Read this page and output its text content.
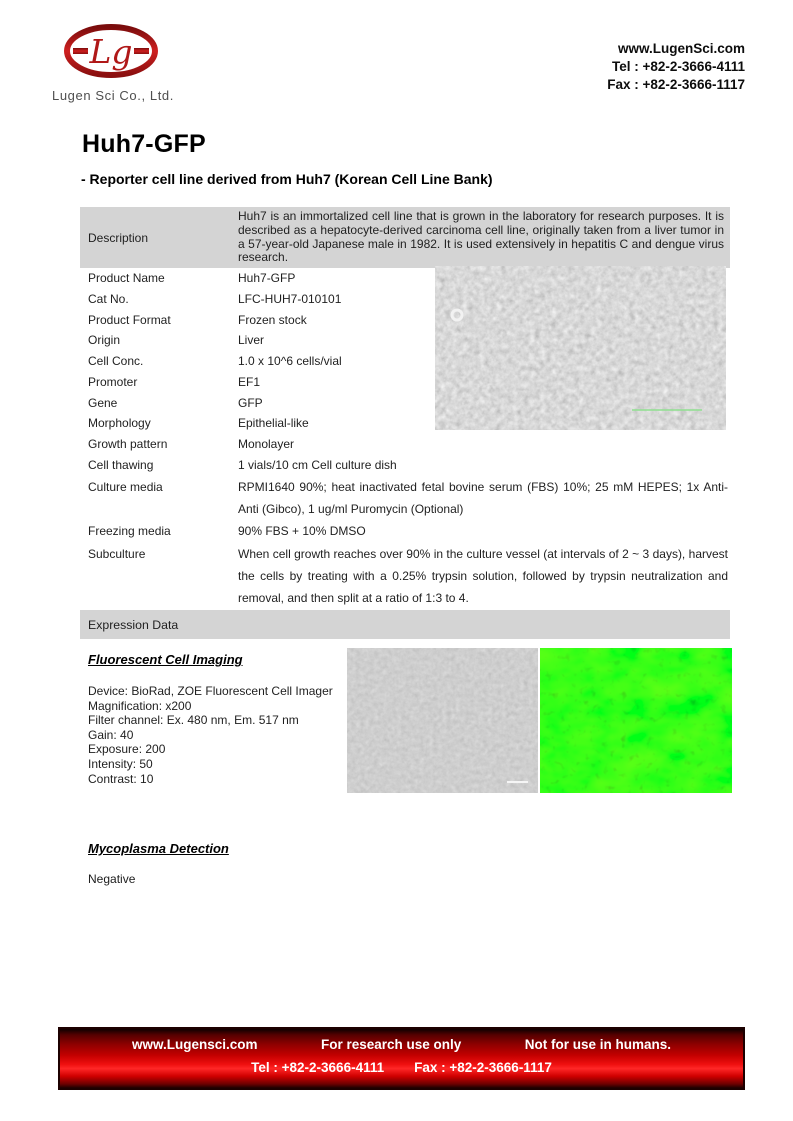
Lg
Lugen Sci Co., Ltd.
www.LugenSci.com
Tel : +82-2-3666-4111
Fax : +82-2-3666-1117
Huh7-GFP
- Reporter cell line derived from Huh7 (Korean Cell Line Bank)
Description
Huh7 is an immortalized cell line that is grown in the laboratory for research purposes. It is described as a hepatocyte-derived carcinoma cell line, originally taken from a liver tumor in a 57-year-old Japanese male in 1982. It is used extensively in hepatitis C and dengue virus research.
Product Name	Huh7-GFP
Cat No.	LFC-HUH7-010101
Product Format	Frozen stock
Origin	Liver
Cell Conc.	1.0 x 10^6 cells/vial
Promoter	EF1
Gene	GFP
Morphology	Epithelial-like
Growth pattern	Monolayer
Cell thawing	1 vials/10 cm Cell culture dish
Culture media	RPMI1640 90%; heat inactivated fetal bovine serum (FBS) 10%; 25 mM HEPES; 1x Anti-Anti (Gibco), 1 ug/ml Puromycin (Optional)
Freezing media	90% FBS + 10% DMSO
Subculture	When cell growth reaches over 90% in the culture vessel (at intervals of 2 ~ 3 days), harvest the cells by treating with a 0.25% trypsin solution, followed by trypsin neutralization and removal, and then split at a ratio of 1:3 to 4.
Expression Data
Fluorescent Cell Imaging
Device: BioRad, ZOE Fluorescent Cell Imager
Magnification: x200
Filter channel: Ex. 480 nm, Em. 517 nm
Gain: 40
Exposure: 200
Intensity: 50
Contrast: 10
Mycoplasma Detection
Negative
www.Lugensci.com	For research use only	Not for use in humans.
Tel : +82-2-3666-4111 Fax : +82-2-3666-1117
